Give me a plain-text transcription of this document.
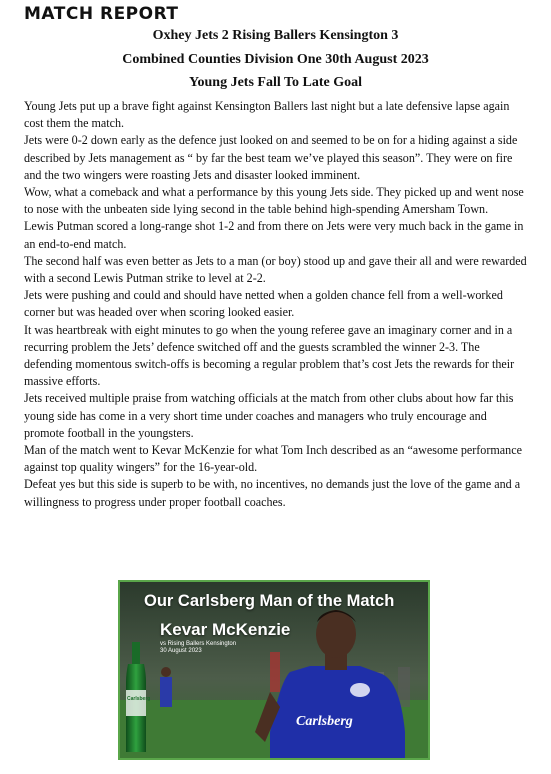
MATCH REPORT
Oxhey Jets 2 Rising Ballers Kensington 3
Combined Counties Division One 30th August 2023
Young Jets Fall To Late Goal

Young Jets put up a brave fight against Kensington Ballers last night but a late defensive lapse again cost them the match.

Jets were 0-2 down early as the defence just looked on and seemed to be on for a hiding against a side described by Jets management as “ by far the best team we’ve played this season”. They were on fire and the two wingers were roasting Jets and disaster looked imminent.

Wow, what a comeback and what a performance by this young Jets side. They picked up and went nose to nose with the unbeaten side lying second in the table behind high-spending Amersham Town.

Lewis Putman scored a long-range shot 1-2 and from there on Jets were very much back in the game in an end-to-end match.

The second half was even better as Jets to a man (or boy) stood up and gave their all and were rewarded with a second Lewis Putman strike to level at 2-2.

Jets were pushing and could and should have netted when a golden chance fell from a well-worked corner but was headed over when scoring looked easier.

It was heartbreak with eight minutes to go when the young referee gave an imaginary corner and in a recurring problem the Jets’ defence switched off and the guests scrambled the winner 2-3. The defending momentous switch-offs is becoming a regular problem that’s cost Jets the rewards for their massive efforts.

Jets received multiple praise from watching officials at the match from other clubs about how far this young side has come in a very short time under coaches and managers who truly encourage and promote football in the youngsters.

Man of the match went to Kevar McKenzie for what Tom Inch described as an “awesome performance against top quality wingers” for the 16-year-old.

Defeat yes but this side is superb to be with, no incentives, no demands just the love of the game and a willingness to progress under proper football coaches.

Our Carlsberg Man of the Match
Kevar McKenzie
vs Rising Ballers Kensington
30 August 2023
Carlsberg
Carlsberg
